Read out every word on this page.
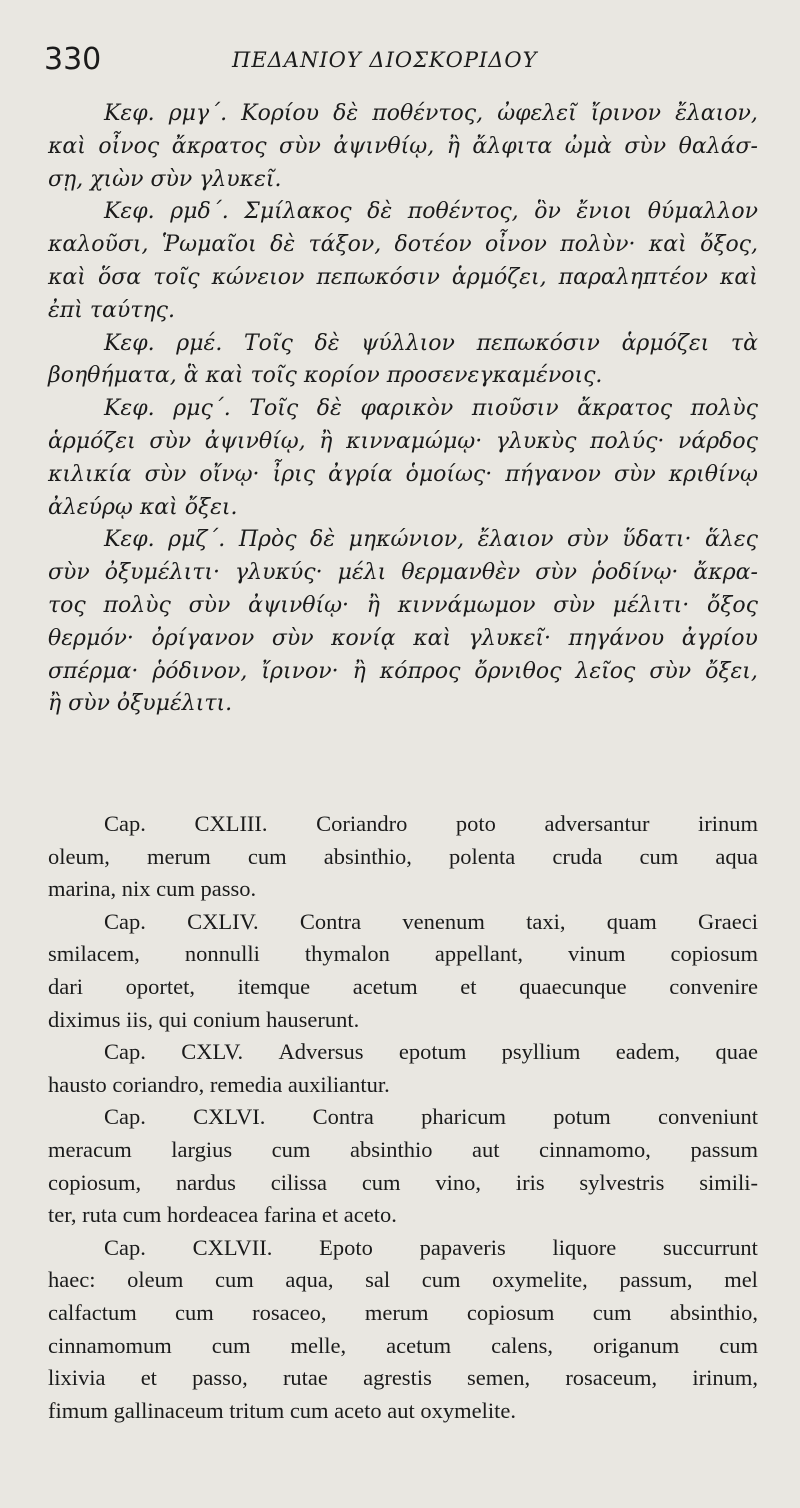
330	ΠΕΔΑΝΙΟΥ ΔΙΟΣΚΟΡΙΔΟΥ
Κεφ. ρμγ΄. Κορίου δὲ ποθέντος, ὠφελεῖ ἴρινον ἔλαιον,
καὶ οἶνος ἄκρατος σὺν ἀψινθίῳ, ἢ ἄλφιτα ὠμὰ σὺν θαλάσ-
σῃ, χιὼν σὺν γλυκεῖ.
Κεφ. ρμδ΄. Σμίλακος δὲ ποθέντος, ὃν ἔνιοι θύμαλλον
καλοῦσι, Ῥωμαῖοι δὲ τάξον, δοτέον οἶνον πολὺν· καὶ ὄξος,
καὶ ὅσα τοῖς κώνειον πεπωκόσιν ἁρμόζει, παραληπτέον καὶ
ἐπὶ ταύτης.
Κεφ. ρμέ. Τοῖς δὲ ψύλλιον πεπωκόσιν ἁρμόζει τὰ
βοηθήματα, ἃ καὶ τοῖς κορίον προσενεγκαμένοις.
Κεφ. ρμς΄. Τοῖς δὲ φαρικὸν πιοῦσιν ἄκρατος πολὺς
ἁρμόζει σὺν ἀψινθίῳ, ἢ κινναμώμῳ· γλυκὺς πολύς· νάρδος
κιλικία σὺν οἴνῳ· ἶρις ἀγρία ὁμοίως· πήγανον σὺν κριθίνῳ
ἀλεύρῳ καὶ ὄξει.
Κεφ. ρμζ΄. Πρὸς δὲ μηκώνιον, ἔλαιον σὺν ὕδατι· ἅλες
σὺν ὀξυμέλιτι· γλυκύς· μέλι θερμανθὲν σὺν ῥοδίνῳ· ἄκρα-
τος πολὺς σὺν ἀψινθίῳ· ἢ κιννάμωμον σὺν μέλιτι· ὄξος
θερμόν· ὀρίγανον σὺν κονίᾳ καὶ γλυκεῖ· πηγάνου ἀγρίου
σπέρμα· ῥόδινον, ἴρινον· ἢ κόπρος ὄρνιθος λεῖος σὺν ὄξει,
ἢ σὺν ὀξυμέλιτι.
Cap. CXLIII. Coriandro poto adversantur irinum
oleum, merum cum absinthio, polenta cruda cum aqua
marina, nix cum passo.
Cap. CXLIV. Contra venenum taxi, quam Graeci
smilacem, nonnulli thymalon appellant, vinum copiosum
dari oportet, itemque acetum et quaecunque convenire
diximus iis, qui conium hauserunt.
Cap. CXLV. Adversus epotum psyllium eadem, quae
hausto coriandro, remedia auxiliantur.
Cap. CXLVI. Contra pharicum potum conveniunt
meracum largius cum absinthio aut cinnamomo, passum
copiosum, nardus cilissa cum vino, iris sylvestris simili-
ter, ruta cum hordeacea farina et aceto.
Cap. CXLVII. Epoto papaveris liquore succurrunt
haec: oleum cum aqua, sal cum oxymelite, passum, mel
calfactum cum rosaceo, merum copiosum cum absinthio,
cinnamomum cum melle, acetum calens, origanum cum
lixivia et passo, rutae agrestis semen, rosaceum, irinum,
fimum gallinaceum tritum cum aceto aut oxymelite.
